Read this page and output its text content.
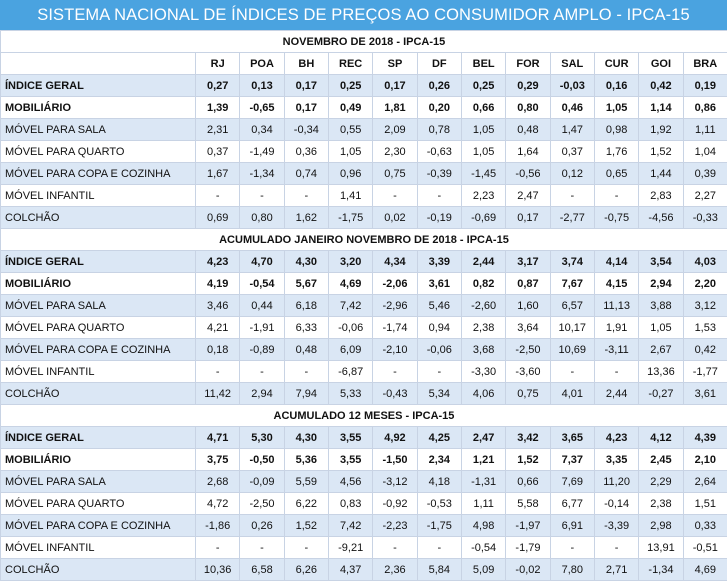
SISTEMA NACIONAL DE ÍNDICES DE PREÇOS AO CONSUMIDOR AMPLO - IPCA-15
NOVEMBRO DE 2018 - IPCA-15												
	RJ	POA	BH	REC	SP	DF	BEL	FOR	SAL	CUR	GOI	BRA
ÍNDICE GERAL	0,27	0,13	0,17	0,25	0,17	0,26	0,25	0,29	-0,03	0,16	0,42	0,19
MOBILIÁRIO	1,39	-0,65	0,17	0,49	1,81	0,20	0,66	0,80	0,46	1,05	1,14	0,86
MÓVEL PARA SALA	2,31	0,34	-0,34	0,55	2,09	0,78	1,05	0,48	1,47	0,98	1,92	1,11
MÓVEL PARA QUARTO	0,37	-1,49	0,36	1,05	2,30	-0,63	1,05	1,64	0,37	1,76	1,52	1,04
MÓVEL PARA COPA E COZINHA	1,67	-1,34	0,74	0,96	0,75	-0,39	-1,45	-0,56	0,12	0,65	1,44	0,39
MÓVEL INFANTIL	-	-	-	1,41	-	-	2,23	2,47	-	-	2,83	2,27
COLCHÃO	0,69	0,80	1,62	-1,75	0,02	-0,19	-0,69	0,17	-2,77	-0,75	-4,56	-0,33
ACUMULADO JANEIRO NOVEMBRO DE 2018 - IPCA-15												
ÍNDICE GERAL	4,23	4,70	4,30	3,20	4,34	3,39	2,44	3,17	3,74	4,14	3,54	4,03
MOBILIÁRIO	4,19	-0,54	5,67	4,69	-2,06	3,61	0,82	0,87	7,67	4,15	2,94	2,20
MÓVEL PARA SALA	3,46	0,44	6,18	7,42	-2,96	5,46	-2,60	1,60	6,57	11,13	3,88	3,12
MÓVEL PARA QUARTO	4,21	-1,91	6,33	-0,06	-1,74	0,94	2,38	3,64	10,17	1,91	1,05	1,53
MÓVEL PARA COPA E COZINHA	0,18	-0,89	0,48	6,09	-2,10	-0,06	3,68	-2,50	10,69	-3,11	2,67	0,42
MÓVEL INFANTIL	-	-	-	-6,87	-	-	-3,30	-3,60	-	-	13,36	-1,77
COLCHÃO	11,42	2,94	7,94	5,33	-0,43	5,34	4,06	0,75	4,01	2,44	-0,27	3,61
ACUMULADO 12 MESES - IPCA-15												
ÍNDICE GERAL	4,71	5,30	4,30	3,55	4,92	4,25	2,47	3,42	3,65	4,23	4,12	4,39
MOBILIÁRIO	3,75	-0,50	5,36	3,55	-1,50	2,34	1,21	1,52	7,37	3,35	2,45	2,10
MÓVEL PARA SALA	2,68	-0,09	5,59	4,56	-3,12	4,18	-1,31	0,66	7,69	11,20	2,29	2,64
MÓVEL PARA QUARTO	4,72	-2,50	6,22	0,83	-0,92	-0,53	1,11	5,58	6,77	-0,14	2,38	1,51
MÓVEL PARA COPA E COZINHA	-1,86	0,26	1,52	7,42	-2,23	-1,75	4,98	-1,97	6,91	-3,39	2,98	0,33
MÓVEL INFANTIL	-	-	-	-9,21	-	-	-0,54	-1,79	-	-	13,91	-0,51
COLCHÃO	10,36	6,58	6,26	4,37	2,36	5,84	5,09	-0,02	7,80	2,71	-1,34	4,69
